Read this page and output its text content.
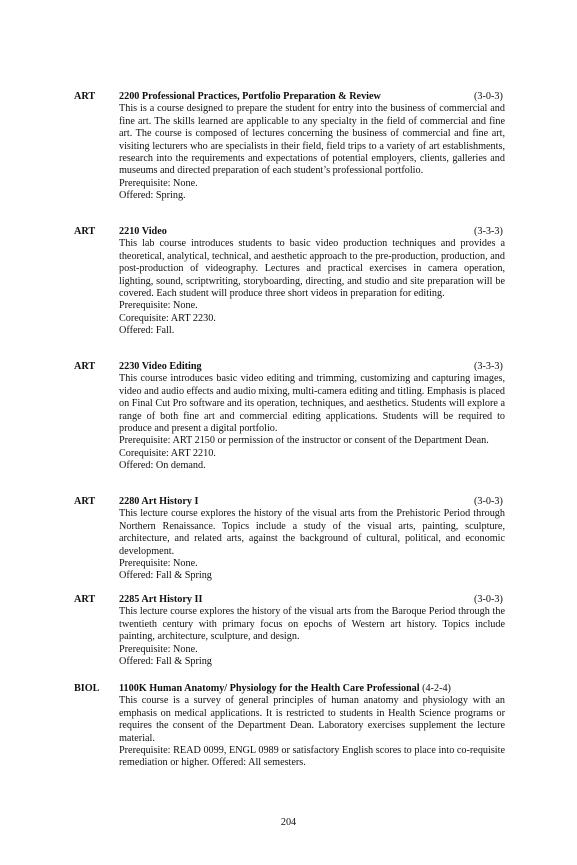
ART 2200 Professional Practices, Portfolio Preparation & Review	(3-0-3)

This is a course designed to prepare the student for entry into the business of commercial and fine art. The skills learned are applicable to any specialty in the field of commercial and fine art. The course is composed of lectures concerning the business of commercial and fine art, visiting lecturers who are specialists in their field, field trips to a variety of art establishments, research into the requirements and expectations of potential employers, clients, galleries and museums and directed preparation of each student’s professional portfolio.

Prerequisite: None.
Offered: Spring.
ART 2210 Video	(3-3-3)

This lab course introduces students to basic video production techniques and provides a theoretical, analytical, technical, and aesthetic approach to the pre-production, production, and post-production of videography. Lectures and practical exercises in camera operation, lighting, sound, scriptwriting, storyboarding, directing, and studio and site preparation will be covered. Each student will produce three short videos in preparation for editing.

Prerequisite: None.
Corequisite: ART 2230.
Offered: Fall.
ART 2230 Video Editing	(3-3-3)

This course introduces basic video editing and trimming, customizing and capturing images, video and audio effects and audio mixing, multi-camera editing and titling. Emphasis is placed on Final Cut Pro software and its operation, techniques, and aesthetics. Students will explore a range of both fine art and commercial editing applications. Students will be required to produce and present a digital portfolio.

Prerequisite: ART 2150 or permission of the instructor or consent of the Department Dean.
Corequisite: ART 2210.
Offered: On demand.
ART 2280 Art History I	(3-0-3)

This lecture course explores the history of the visual arts from the Prehistoric Period through Northern Renaissance. Topics include a study of the visual arts, painting, sculpture, architecture, and related arts, against the background of cultural, political, and economic development.

Prerequisite: None.
Offered: Fall & Spring
ART 2285 Art History II	(3-0-3)

This lecture course explores the history of the visual arts from the Baroque Period through the twentieth century with primary focus on epochs of Western art history. Topics include painting, architecture, sculpture, and design.

Prerequisite: None.
Offered: Fall & Spring
BIOL 1100K Human Anatomy/ Physiology for the Health Care Professional (4-2-4)

This course is a survey of general principles of human anatomy and physiology with an emphasis on medical applications. It is restricted to students in Health Science programs or requires the consent of the Department Dean. Laboratory exercises supplement the lecture material.

Prerequisite: READ 0099, ENGL 0989 or satisfactory English scores to place into co-requisite remediation or higher. Offered: All semesters.

204
